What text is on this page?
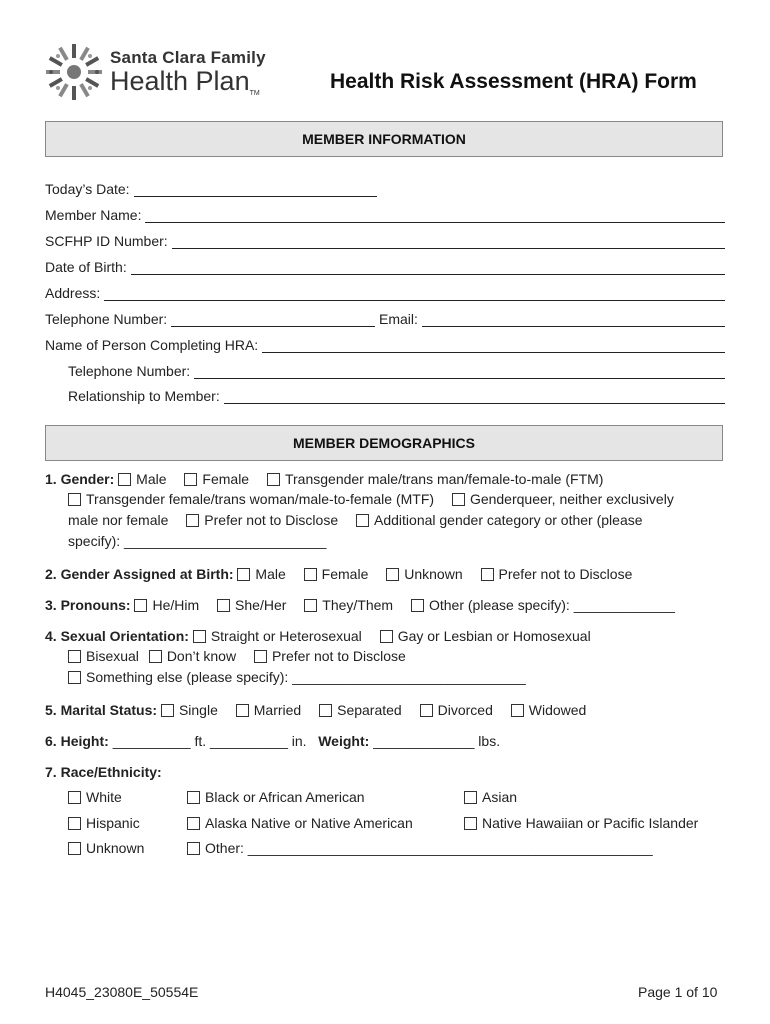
Santa Clara Family
Health PlanTM
Health Risk Assessment (HRA) Form
MEMBER INFORMATION
Today’s Date:
Member Name:
SCFHP ID Number:
Date of Birth:
Address:
Telephone Number:	Email:
Name of Person Completing HRA:
Telephone Number:
Relationship to Member:
MEMBER DEMOGRAPHICS
1. Gender: Male	Female	Transgender male/trans man/female-to-male (FTM)
Transgender female/trans woman/male-to-female (MTF)	Genderqueer, neither exclusively
male nor female	Prefer not to Disclose	Additional gender category or other (please
specify): __________________________
2. Gender Assigned at Birth: Male	Female	Unknown	Prefer not to Disclose
3. Pronouns: He/Him	She/Her	They/Them	Other (please specify): _____________
4. Sexual Orientation: Straight or Heterosexual	Gay or Lesbian or Homosexual
Bisexual Don’t know	Prefer not to Disclose
Something else (please specify): ______________________________
5. Marital Status: Single	Married	Separated	Divorced	Widowed
6. Height: __________ ft. __________ in. Weight: _____________ lbs.
7. Race/Ethnicity:
White	Black or African American	Asian
Hispanic	Alaska Native or Native American	Native Hawaiian or Pacific Islander
Unknown	Other: ____________________________________________________
H4045_23080E_50554E	Page 1 of 10
